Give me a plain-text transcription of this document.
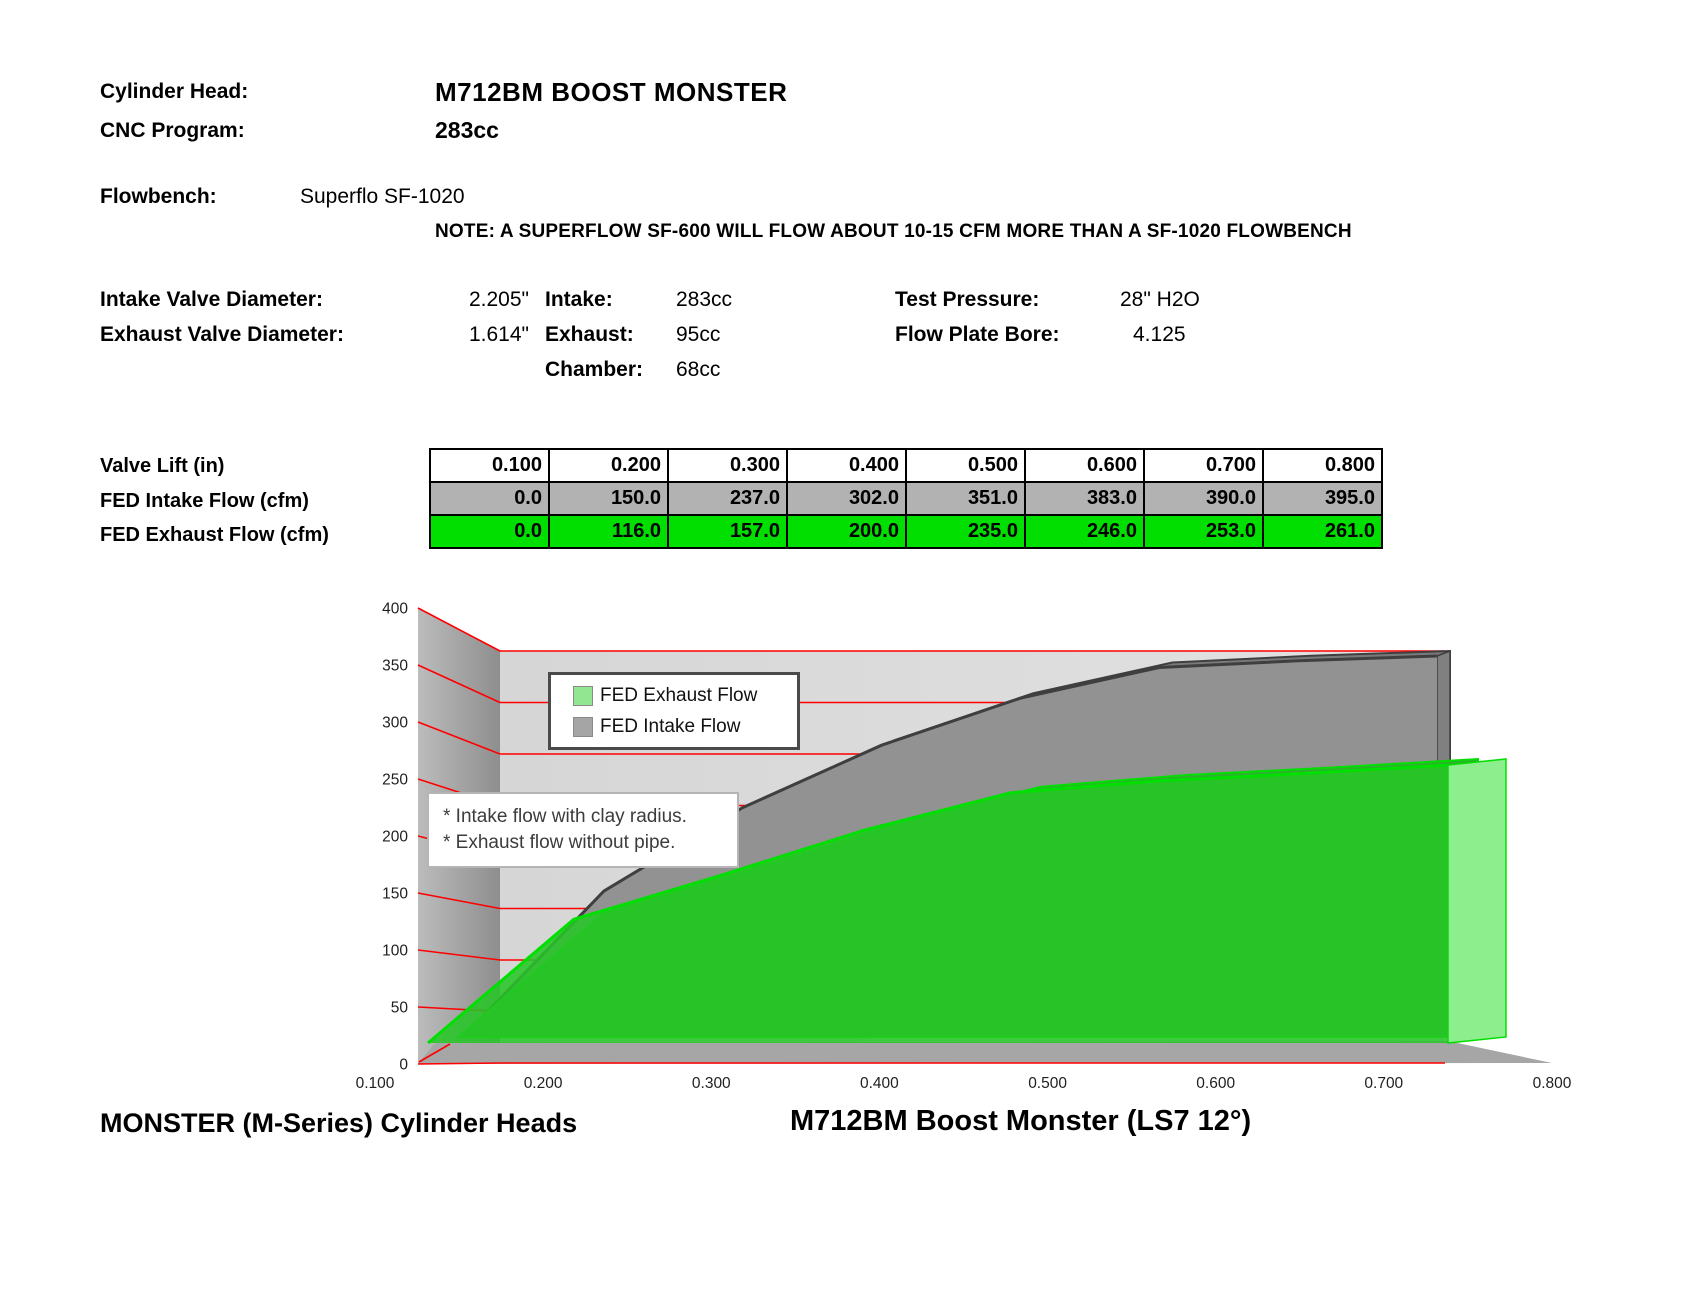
Cylinder Head:	M712BM BOOST MONSTER
CNC Program:	283cc
Flowbench:	Superflo SF-1020
NOTE: A SUPERFLOW SF-600 WILL FLOW ABOUT 10-15 CFM MORE THAN A SF-1020 FLOWBENCH
Intake Valve Diameter:	2.205" Intake:	283cc	Test Pressure:	28" H2O
Exhaust Valve Diameter:	1.614" Exhaust: 95cc	Flow Plate Bore:	4.125
Chamber: 68cc
Valve Lift (in)
FED Intake Flow (cfm)
FED Exhaust Flow (cfm)
0.100	0.200	0.300	0.400	0.500	0.600	0.700	0.800
0.0	150.0	237.0	302.0	351.0	383.0	390.0	395.0
0.0	116.0	157.0	200.0	235.0	246.0	253.0	261.0
0
50
100
150
200
250
300
350
400
0.100	0.200	0.300	0.400	0.500	0.600	0.700	0.800
FED Exhaust Flow
FED Intake Flow
* Intake flow with clay radius.
* Exhaust flow without pipe.
MONSTER (M-Series) Cylinder Heads	M712BM Boost Monster (LS7 12°)
